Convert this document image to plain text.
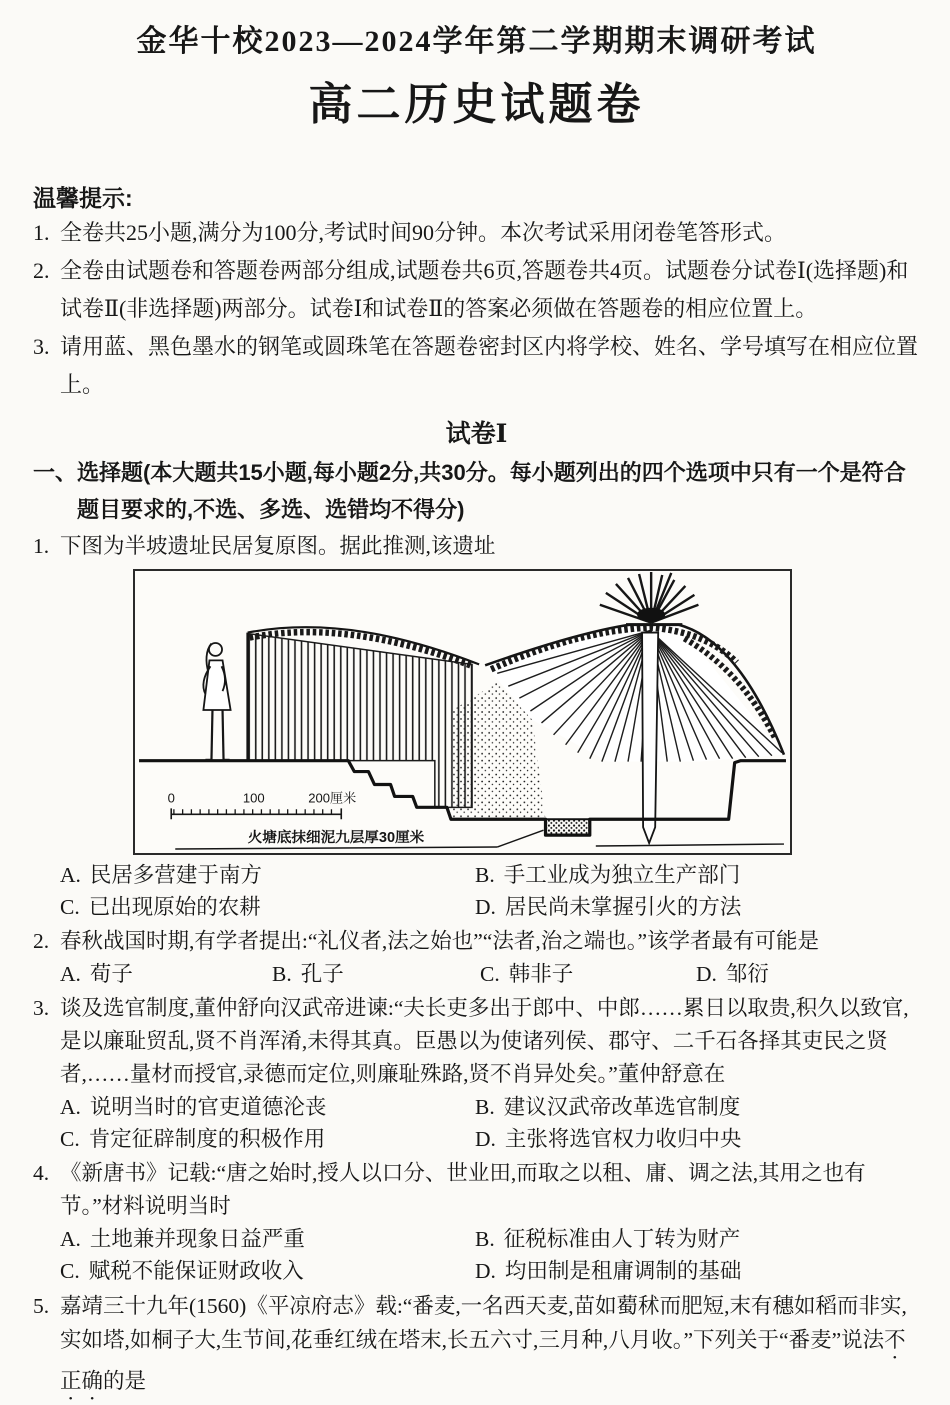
金华十校2023—2024学年第二学期期末调研考试
高二历史试题卷
温馨提示:
1. 全卷共25小题,满分为100分,考试时间90分钟。本次考试采用闭卷笔答形式。
2. 全卷由试题卷和答题卷两部分组成,试题卷共6页,答题卷共4页。试题卷分试卷Ⅰ(选择题)和试卷Ⅱ(非选择题)两部分。试卷Ⅰ和试卷Ⅱ的答案必须做在答题卷的相应位置上。
3. 请用蓝、黑色墨水的钢笔或圆珠笔在答题卷密封区内将学校、姓名、学号填写在相应位置上。
试卷Ⅰ
一、选择题(本大题共15小题,每小题2分,共30分。每小题列出的四个选项中只有一个是符合题目要求的,不选、多选、选错均不得分)
1. 下图为半坡遗址民居复原图。据此推测,该遗址
0	100	200厘米
火塘底抹细泥九层厚30厘米
A. 民居多营建于南方	B. 手工业成为独立生产部门
C. 已出现原始的农耕	D. 居民尚未掌握引火的方法
2. 春秋战国时期,有学者提出:“礼仪者,法之始也”“法者,治之端也。”该学者最有可能是
A. 荀子	B. 孔子	C. 韩非子	D. 邹衍
3. 谈及选官制度,董仲舒向汉武帝进谏:“夫长吏多出于郎中、中郎……累日以取贵,积久以致官,是以廉耻贸乱,贤不肖浑淆,未得其真。臣愚以为使诸列侯、郡守、二千石各择其吏民之贤者,……量材而授官,录德而定位,则廉耻殊路,贤不肖异处矣。”董仲舒意在
A. 说明当时的官吏道德沦丧	B. 建议汉武帝改革选官制度
C. 肯定征辟制度的积极作用	D. 主张将选官权力收归中央
4. 《新唐书》记载:“唐之始时,授人以口分、世业田,而取之以租、庸、调之法,其用之也有节。”材料说明当时
A. 土地兼并现象日益严重	B. 征税标准由人丁转为财产
C. 赋税不能保证财政收入	D. 均田制是租庸调制的基础
5. 嘉靖三十九年(1560)《平凉府志》载:“番麦,一名西天麦,苗如薥秫而肥短,末有穗如稻而非实,实如塔,如桐子大,生节间,花垂红绒在塔末,长五六寸,三月种,八月收。”下列关于“番麦”说法不正确的是
